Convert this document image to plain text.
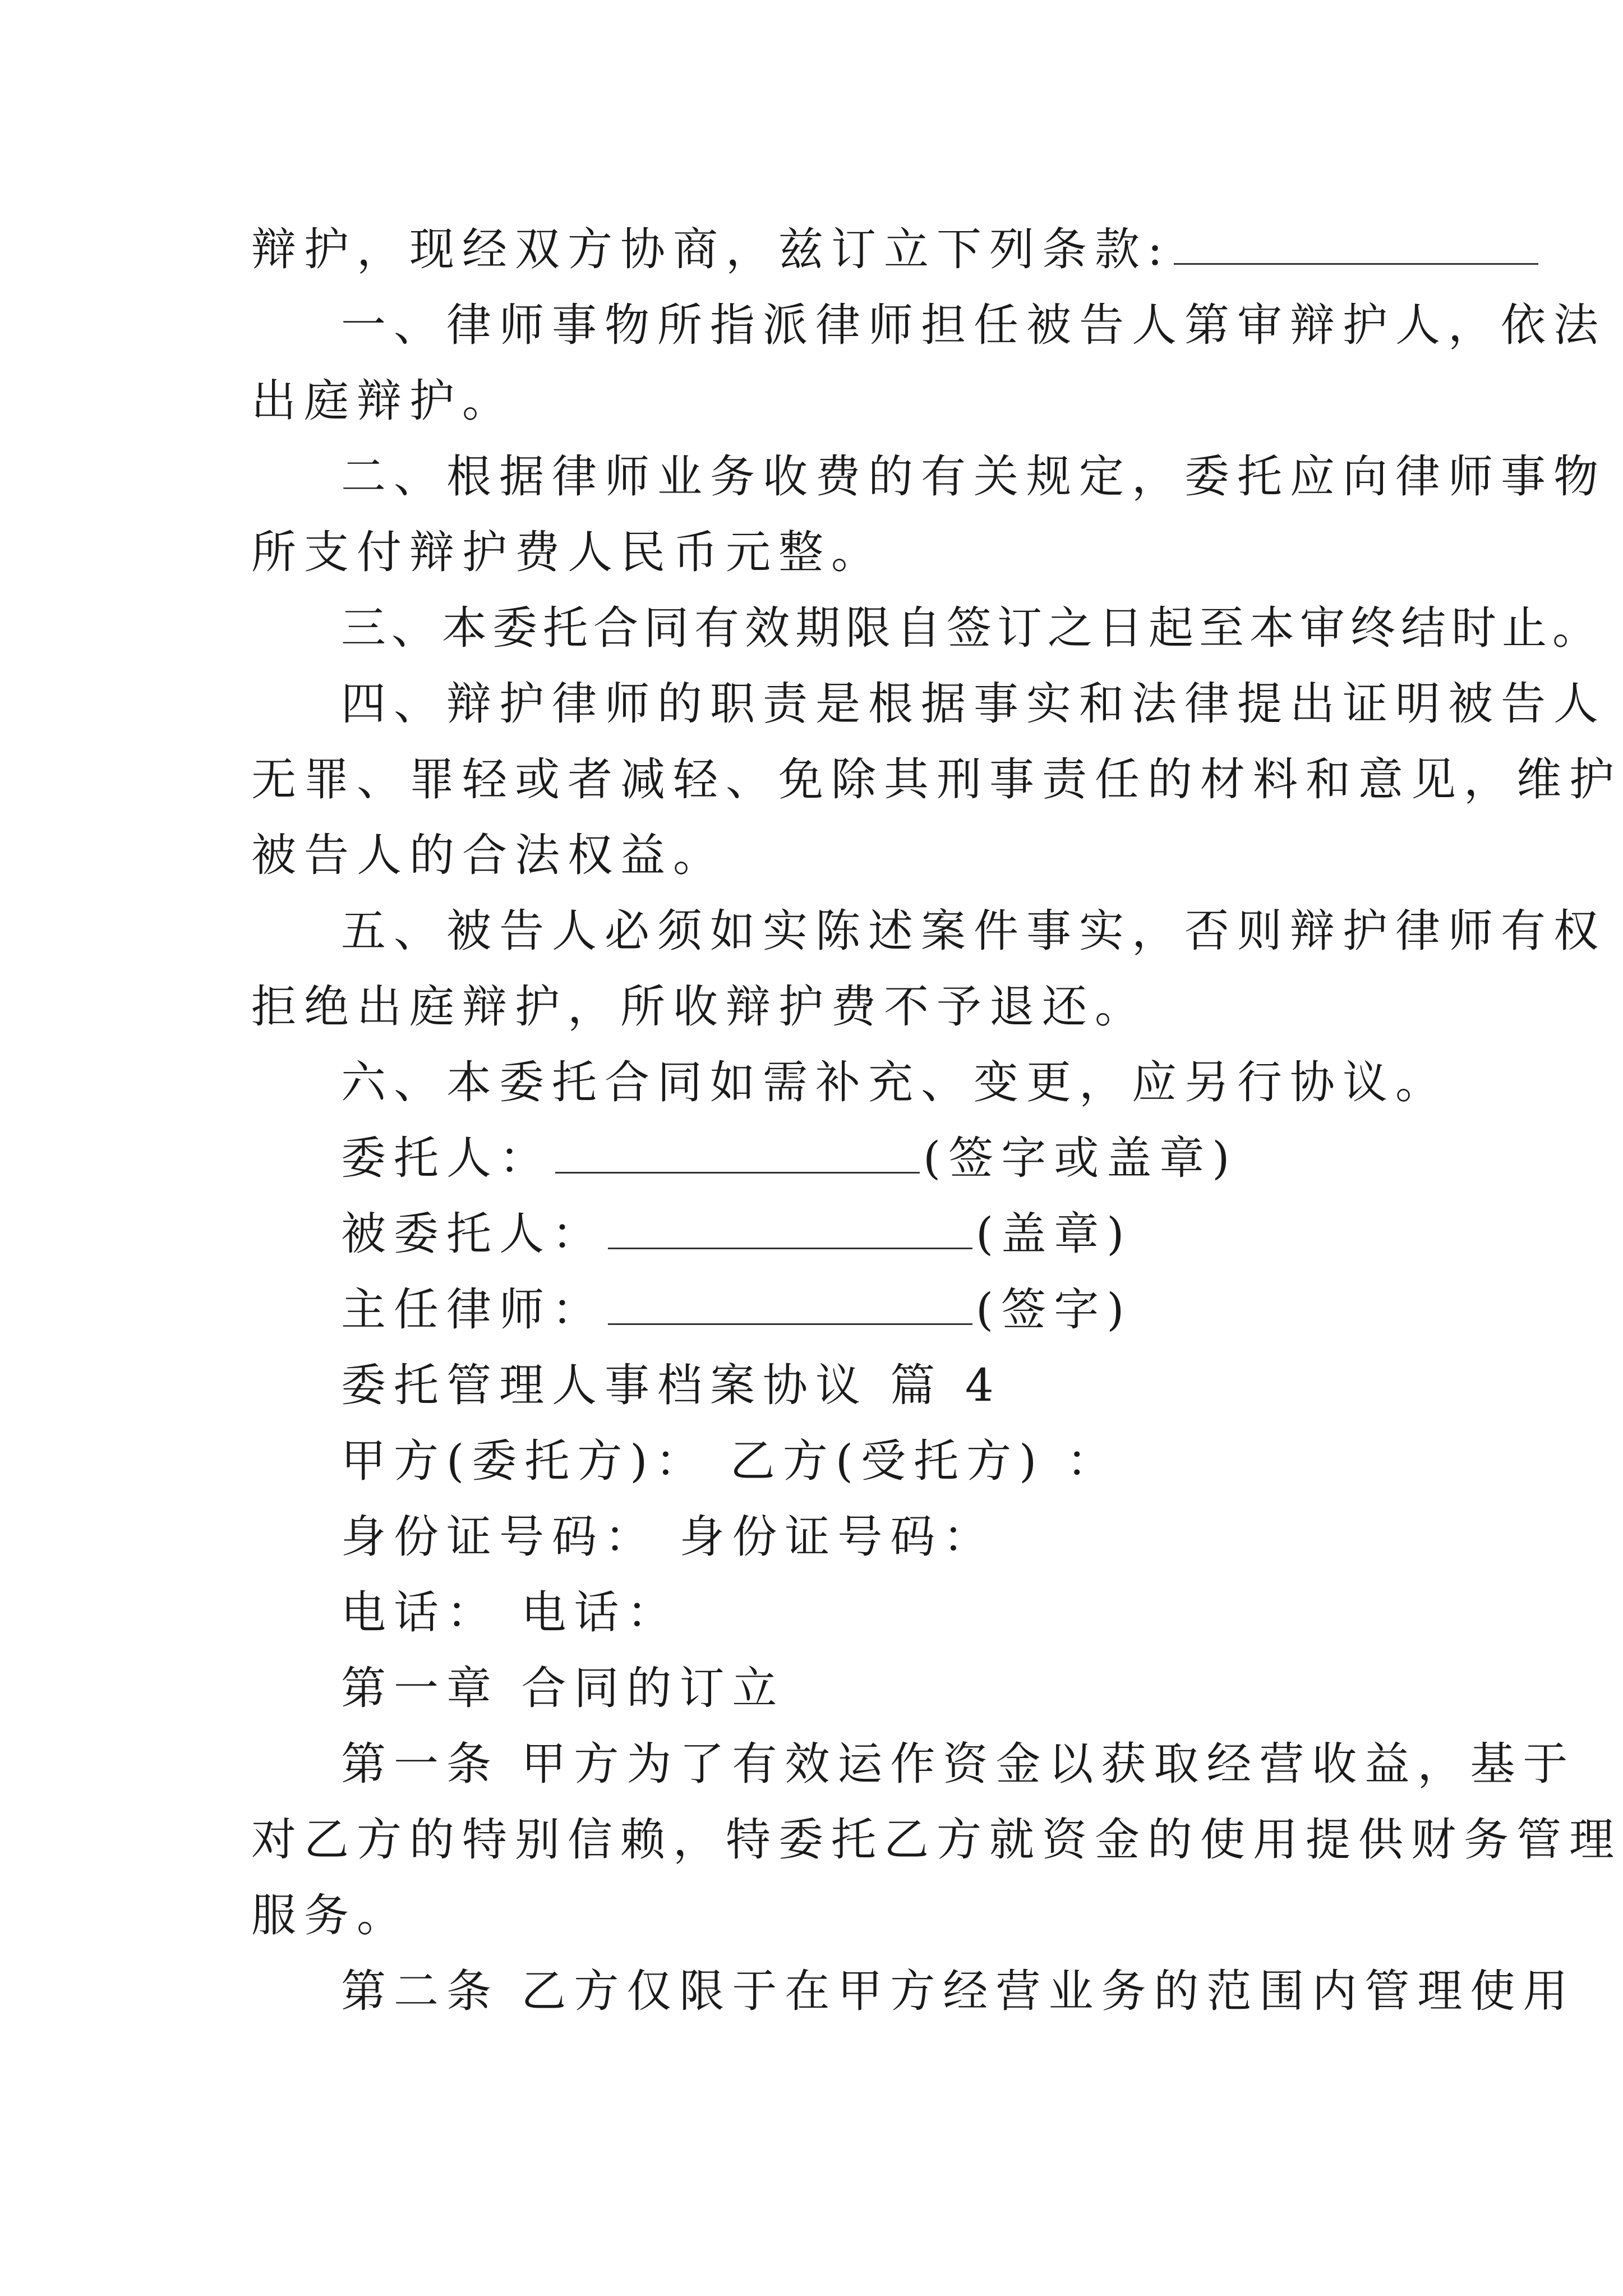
辩护，现经双方协商，兹订立下列条款:
一、律师事物所指派律师担任被告人第审辩护人，依法
出庭辩护。
二、根据律师业务收费的有关规定，委托应向律师事物
所支付辩护费人民币元整。
三、本委托合同有效期限自签订之日起至本审终结时止。
四、辩护律师的职责是根据事实和法律提出证明被告人
无罪、罪轻或者减轻、免除其刑事责任的材料和意见，维护
被告人的合法权益。
五、被告人必须如实陈述案件事实，否则辩护律师有权
拒绝出庭辩护，所收辩护费不予退还。
六、本委托合同如需补充、变更，应另行协议。
委托人：	(签字或盖章)
被委托人：	(盖章)
主任律师：	(签字)
委托管理人事档案协议 篇 4
甲方(委托方)： 乙方(受托方) ：
身份证号码： 身份证号码：
电话： 电话：
第一章 合同的订立
第一条 甲方为了有效运作资金以获取经营收益，基于
对乙方的特别信赖，特委托乙方就资金的使用提供财务管理
服务。
第二条 乙方仅限于在甲方经营业务的范围内管理使用
